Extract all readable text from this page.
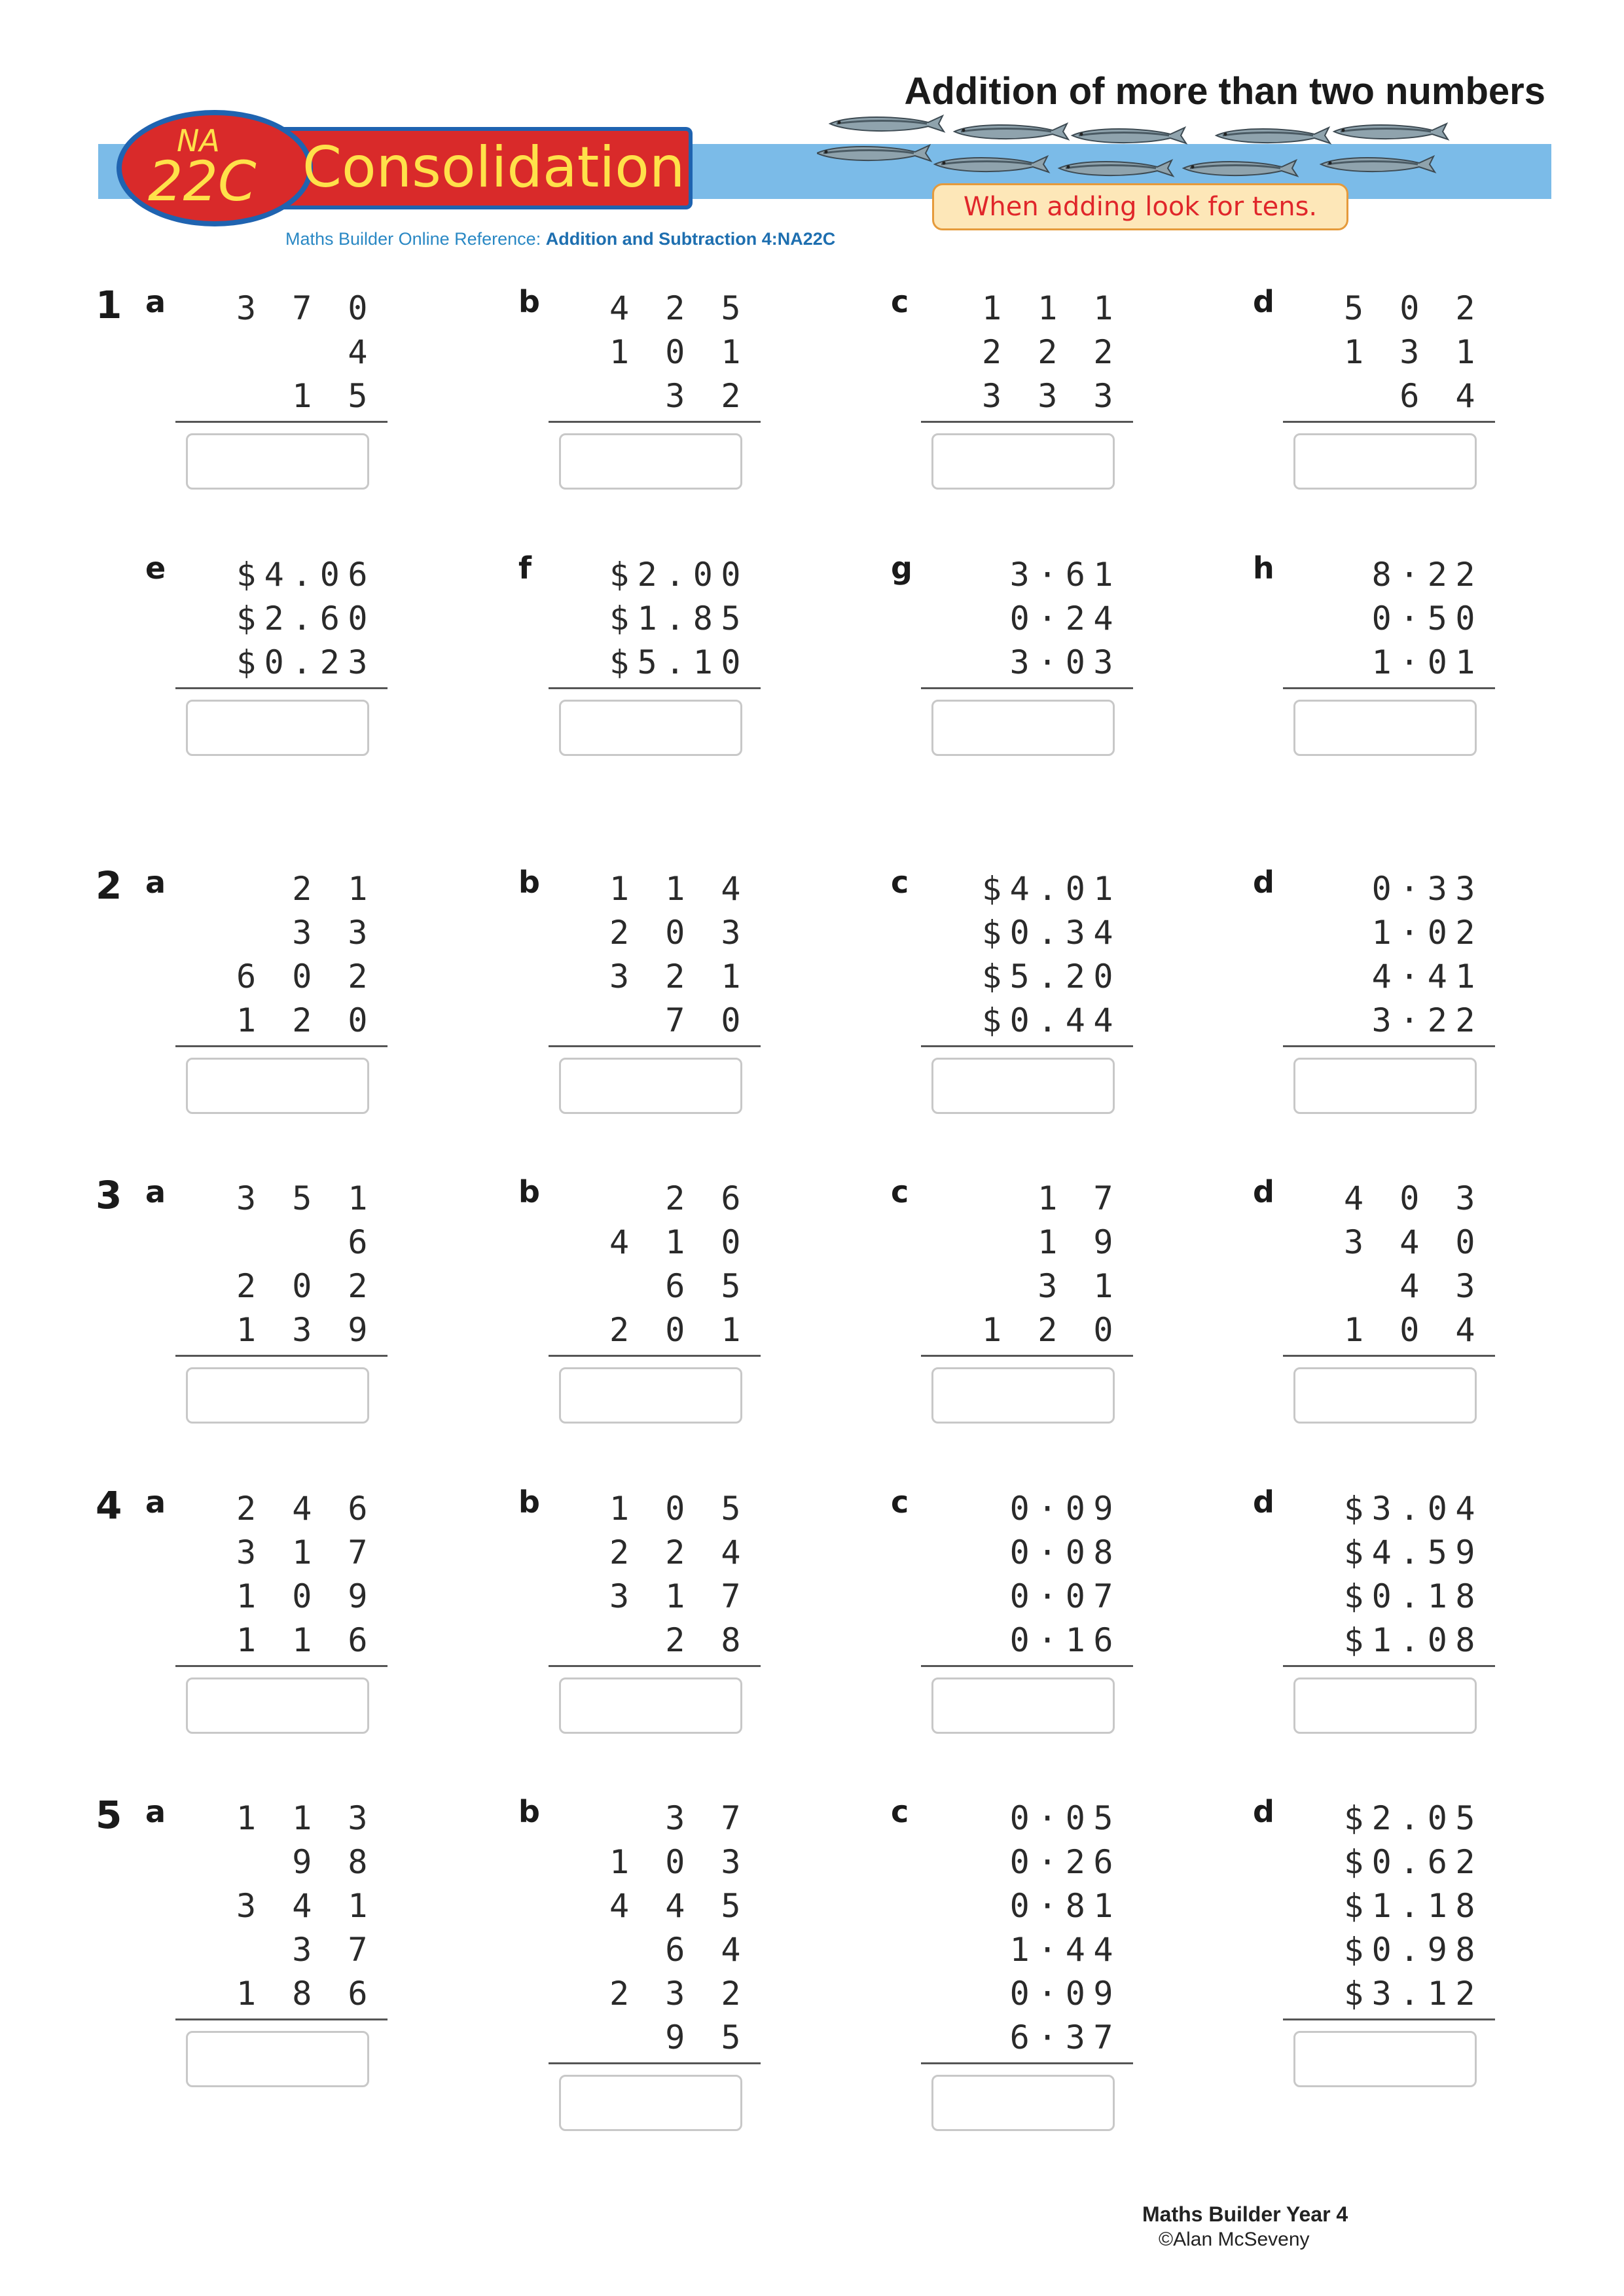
Addition of more than two numbers
NA
22C Consolidation
When adding look for tens.
Maths Builder Online Reference: Addition and Subtraction 4:NA22C
1 a	3 7 0
4
1 5
b	4 2 5
1 0 1
3 2
c	1 1 1
2 2 2
3 3 3
d	5 0 2
1 3 1
6 4
e	$4.06
$2.60
$0.23
f	$2.00
$1.85
$5.10
g	3·61
0·24
3·03
h	8·22
0·50
1·01
2 a	2 1
3 3
6 0 2
1 2 0
b	1 1 4
2 0 3
3 2 1
7 0
c	$4.01
$0.34
$5.20
$0.44
d	0·33
1·02
4·41
3·22
3 a	3 5 1
6
2 0 2
1 3 9
b	2 6
4 1 0
6 5
2 0 1
c	1 7
1 9
3 1
1 2 0
d	4 0 3
3 4 0
4 3
1 0 4
4 a	2 4 6
3 1 7
1 0 9
1 1 6
b	1 0 5
2 2 4
3 1 7
2 8
c	0·09
0·08
0·07
0·16
d	$3.04
$4.59
$0.18
$1.08
5 a	1 1 3
9 8
3 4 1
3 7
1 8 6
b	3 7
1 0 3
4 4 5
6 4
2 3 2
9 5
c	0·05
0·26
0·81
1·44
0·09
6·37
d	$2.05
$0.62
$1.18
$0.98
$3.12
Maths Builder Year 4
©Alan McSeveny
